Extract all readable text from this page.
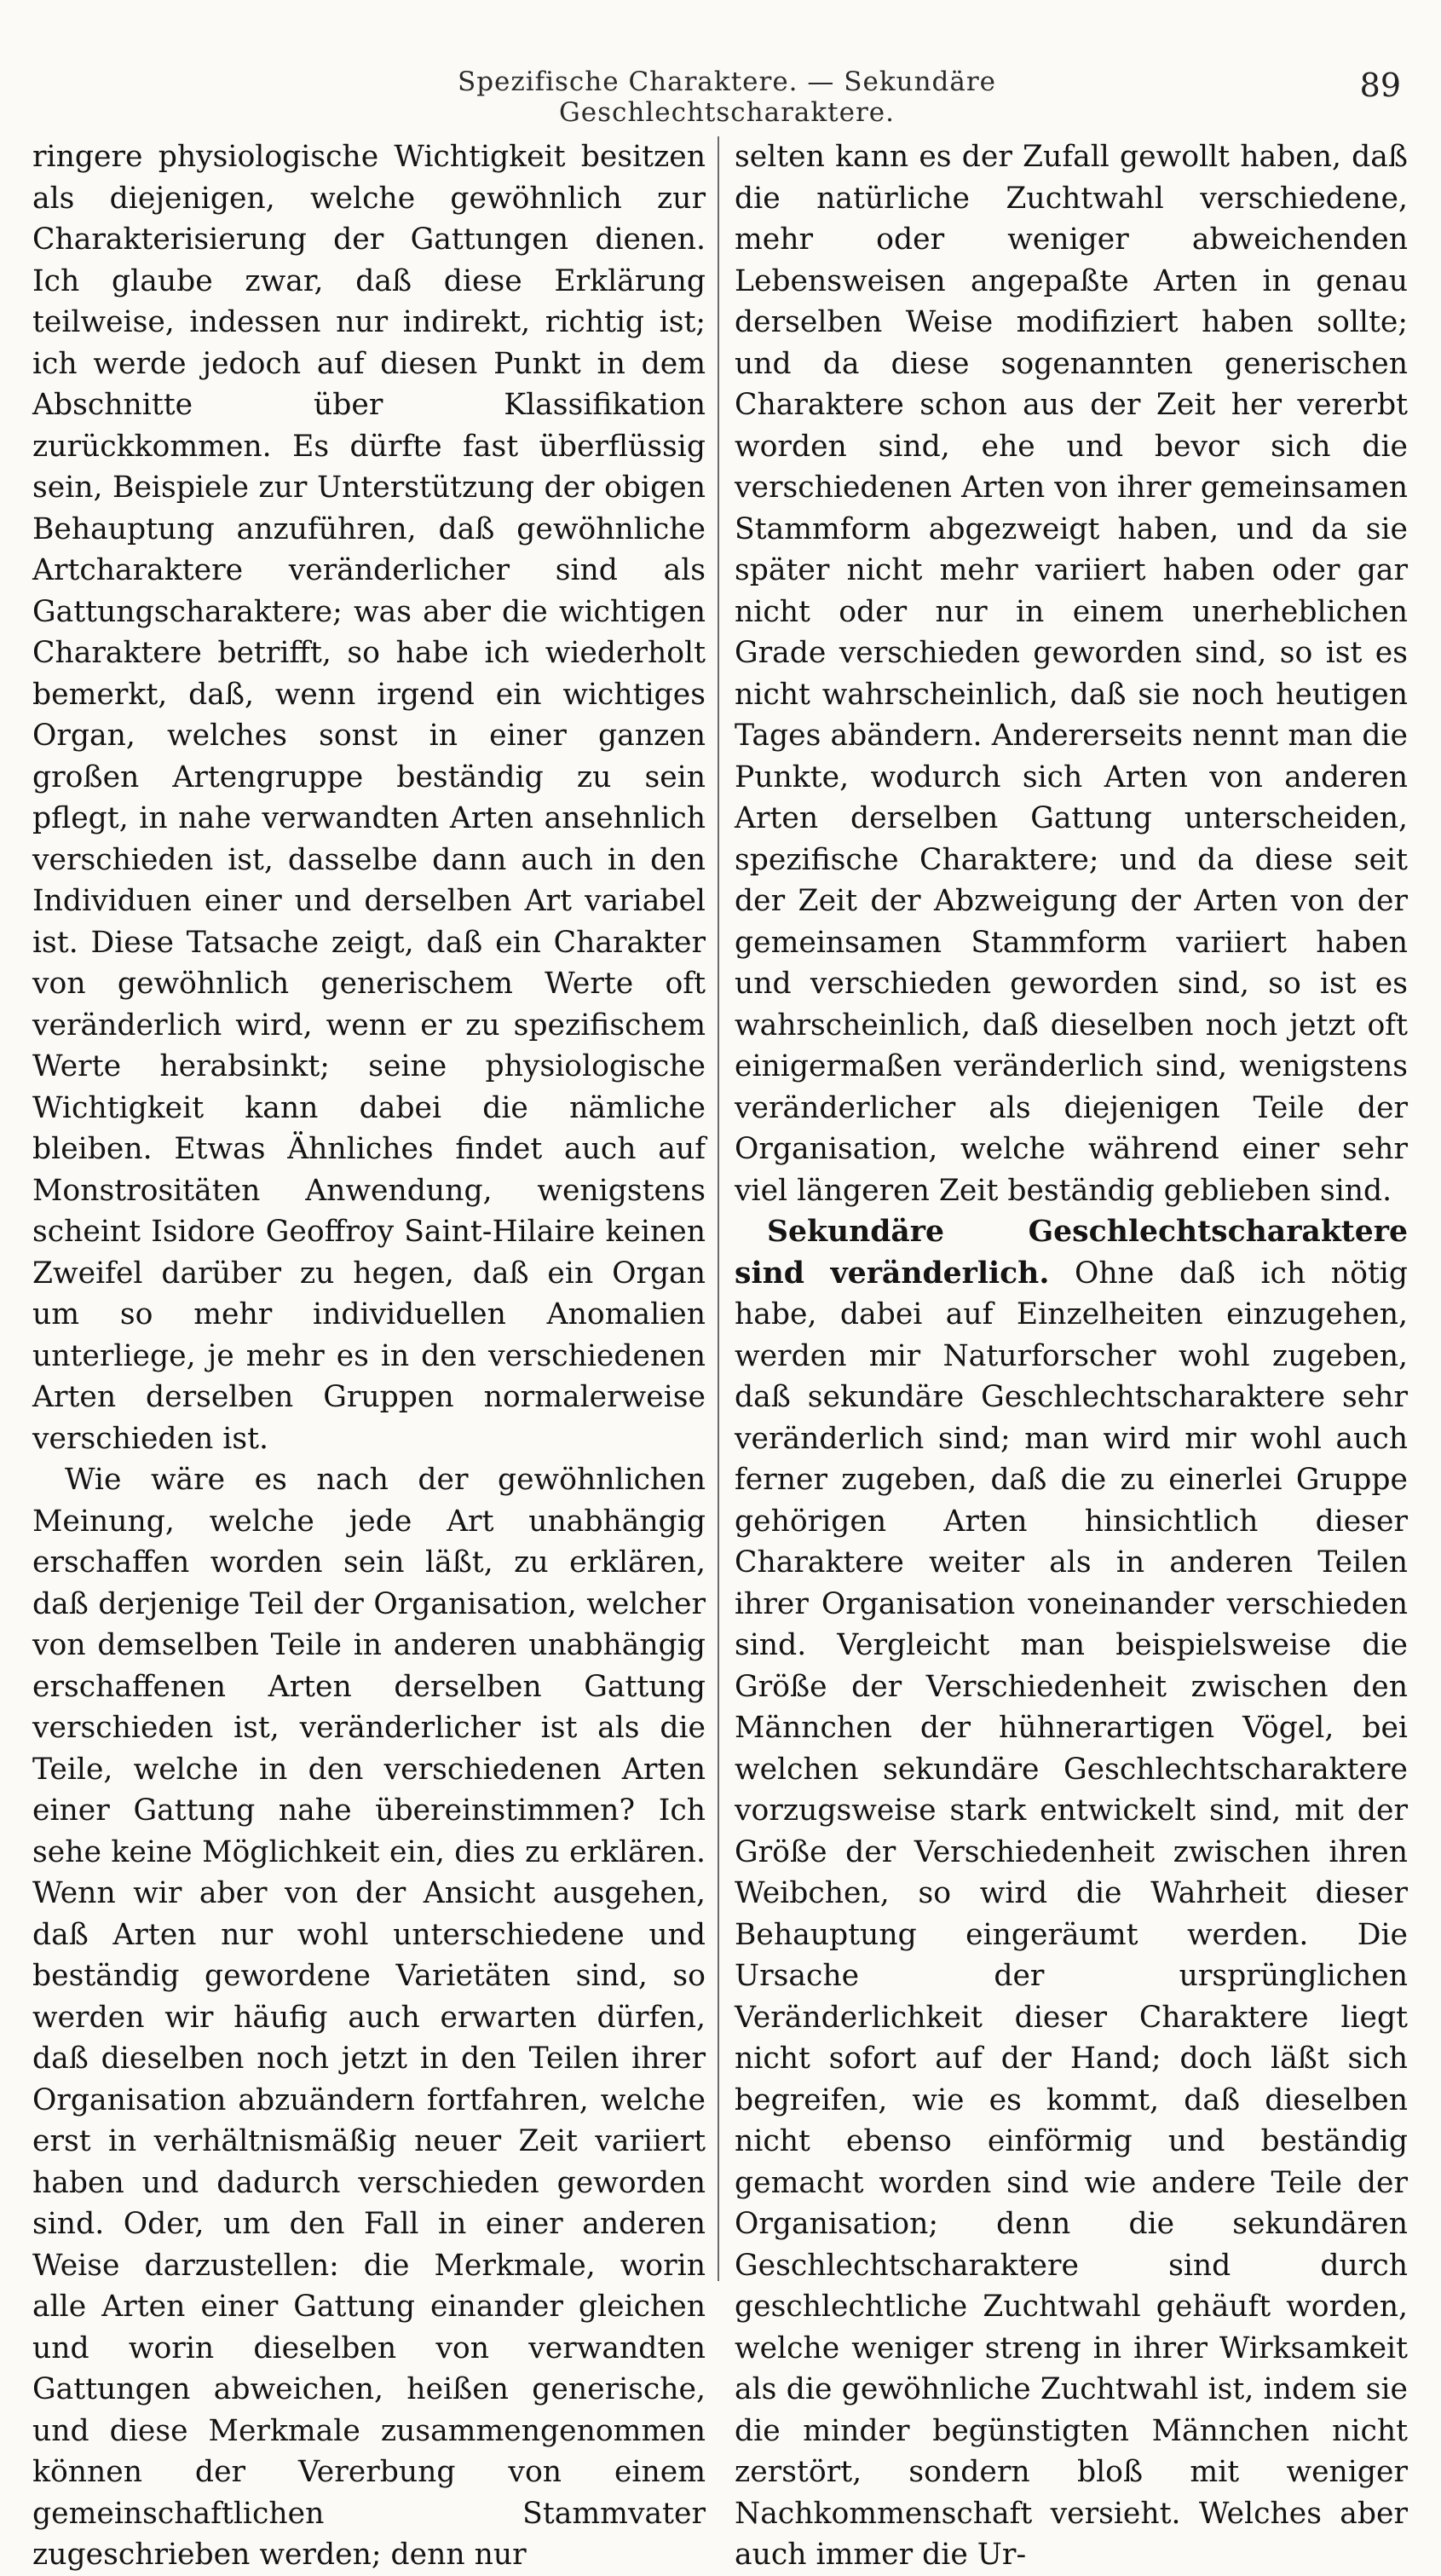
Spezifische Charaktere. — Sekundäre Geschlechtscharaktere.
89

ringere physiologische Wichtigkeit besitzen als diejenigen, welche gewöhnlich zur Charakterisierung der Gattungen dienen. Ich glaube zwar, daß diese Erklärung teilweise, indessen nur indirekt, richtig ist; ich werde jedoch auf diesen Punkt in dem Abschnitte über Klassifikation zurückkommen. Es dürfte fast überflüssig sein, Beispiele zur Unterstützung der obigen Behauptung anzuführen, daß gewöhnliche Artcharaktere veränderlicher sind als Gattungscharaktere; was aber die wichtigen Charaktere betrifft, so habe ich wiederholt bemerkt, daß, wenn irgend ein wichtiges Organ, welches sonst in einer ganzen großen Artengruppe beständig zu sein pflegt, in nahe verwandten Arten ansehnlich verschieden ist, dasselbe dann auch in den Individuen einer und derselben Art variabel ist. Diese Tatsache zeigt, daß ein Charakter von gewöhnlich generischem Werte oft veränderlich wird, wenn er zu spezifischem Werte herabsinkt; seine physiologische Wichtigkeit kann dabei die nämliche bleiben. Etwas Ähnliches findet auch auf Monstrositäten Anwendung, wenigstens scheint Isidore Geoffroy Saint-Hilaire keinen Zweifel darüber zu hegen, daß ein Organ um so mehr individuellen Anomalien unterliege, je mehr es in den verschiedenen Arten derselben Gruppen normalerweise verschieden ist.

Wie wäre es nach der gewöhnlichen Meinung, welche jede Art unabhängig erschaffen worden sein läßt, zu erklären, daß derjenige Teil der Organisation, welcher von demselben Teile in anderen unabhängig erschaffenen Arten derselben Gattung verschieden ist, veränderlicher ist als die Teile, welche in den verschiedenen Arten einer Gattung nahe übereinstimmen? Ich sehe keine Möglichkeit ein, dies zu erklären. Wenn wir aber von der Ansicht ausgehen, daß Arten nur wohl unterschiedene und beständig gewordene Varietäten sind, so werden wir häufig auch erwarten dürfen, daß dieselben noch jetzt in den Teilen ihrer Organisation abzuändern fortfahren, welche erst in verhältnismäßig neuer Zeit variiert haben und dadurch verschieden geworden sind. Oder, um den Fall in einer anderen Weise darzustellen: die Merkmale, worin alle Arten einer Gattung einander gleichen und worin dieselben von verwandten Gattungen abweichen, heißen generische, und diese Merkmale zusammengenommen können der Vererbung von einem gemeinschaftlichen Stammvater zugeschrieben werden; denn nur

selten kann es der Zufall gewollt haben, daß die natürliche Zuchtwahl verschiedene, mehr oder weniger abweichenden Lebensweisen angepaßte Arten in genau derselben Weise modifiziert haben sollte; und da diese sogenannten generischen Charaktere schon aus der Zeit her vererbt worden sind, ehe und bevor sich die verschiedenen Arten von ihrer gemeinsamen Stammform abgezweigt haben, und da sie später nicht mehr variiert haben oder gar nicht oder nur in einem unerheblichen Grade verschieden geworden sind, so ist es nicht wahrscheinlich, daß sie noch heutigen Tages abändern. Andererseits nennt man die Punkte, wodurch sich Arten von anderen Arten derselben Gattung unterscheiden, spezifische Charaktere; und da diese seit der Zeit der Abzweigung der Arten von der gemeinsamen Stammform variiert haben und verschieden geworden sind, so ist es wahrscheinlich, daß dieselben noch jetzt oft einigermaßen veränderlich sind, wenigstens veränderlicher als diejenigen Teile der Organisation, welche während einer sehr viel längeren Zeit beständig geblieben sind.

Sekundäre Geschlechtscharaktere sind veränderlich. Ohne daß ich nötig habe, dabei auf Einzelheiten einzugehen, werden mir Naturforscher wohl zugeben, daß sekundäre Geschlechtscharaktere sehr veränderlich sind; man wird mir wohl auch ferner zugeben, daß die zu einerlei Gruppe gehörigen Arten hinsichtlich dieser Charaktere weiter als in anderen Teilen ihrer Organisation voneinander verschieden sind. Vergleicht man beispielsweise die Größe der Verschiedenheit zwischen den Männchen der hühnerartigen Vögel, bei welchen sekundäre Geschlechtscharaktere vorzugsweise stark entwickelt sind, mit der Größe der Verschiedenheit zwischen ihren Weibchen, so wird die Wahrheit dieser Behauptung eingeräumt werden. Die Ursache der ursprünglichen Veränderlichkeit dieser Charaktere liegt nicht sofort auf der Hand; doch läßt sich begreifen, wie es kommt, daß dieselben nicht ebenso einförmig und beständig gemacht worden sind wie andere Teile der Organisation; denn die sekundären Geschlechtscharaktere sind durch geschlechtliche Zuchtwahl gehäuft worden, welche weniger streng in ihrer Wirksamkeit als die gewöhnliche Zuchtwahl ist, indem sie die minder begünstigten Männchen nicht zerstört, sondern bloß mit weniger Nachkommenschaft versieht. Welches aber auch immer die Ur-
